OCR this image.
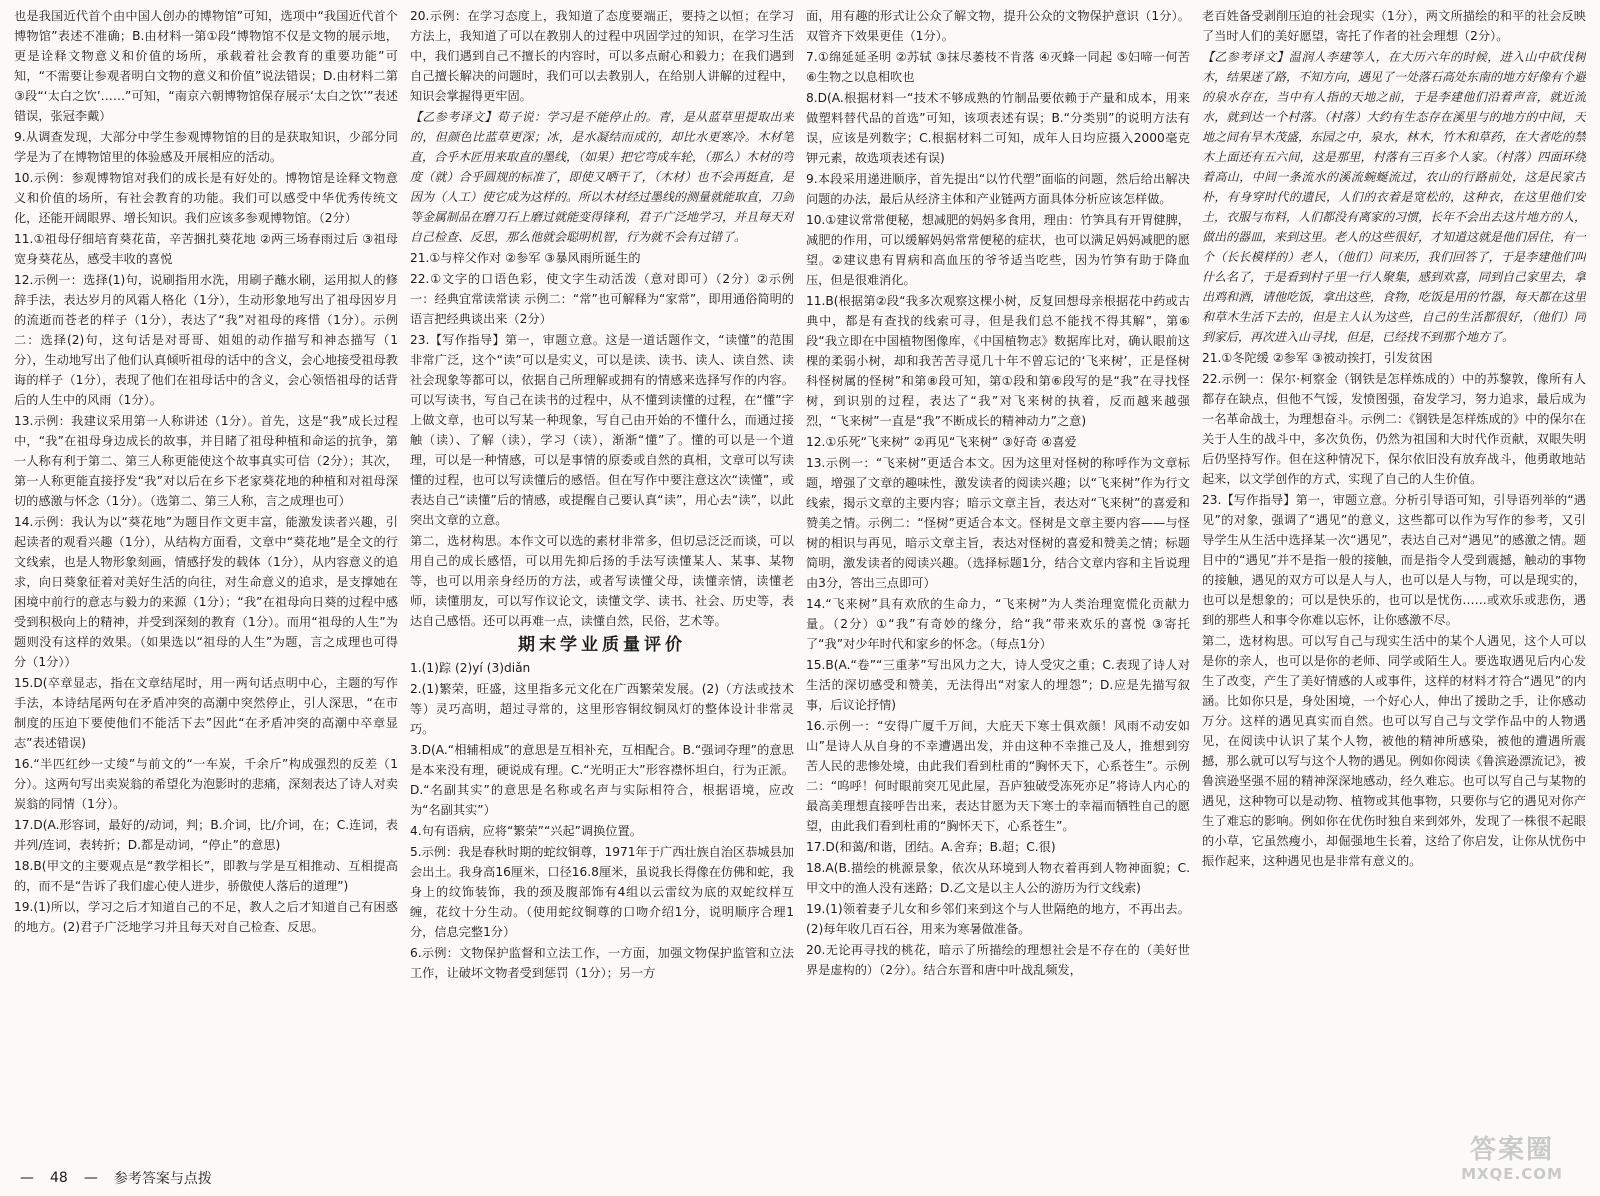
也是我国近代首个由中国人创办的博物馆”可知，选项中“我国近代首个博物馆”表述不准确；B.由材料一第①段“博物馆不仅是文物的展示地，更是诠释文物意义和价值的场所，承载着社会教育的重要功能”可知，“不需要让参观者明白文物的意义和价值”说法错误；D.由材料二第③段“‘太白之饮’……”可知，“南京六朝博物馆保存展示‘太白之饮’”表述错误，张冠李戴）

9.从调查发现，大部分中学生参观博物馆的目的是获取知识，少部分同学是为了在博物馆里的体验感及开展相应的活动。

10.示例：参观博物馆对我们的成长是有好处的。博物馆是诠释文物意义和价值的场所，有社会教育的功能。我们可以感受中华优秀传统文化，还能开阔眼界、增长知识。我们应该多参观博物馆。（2分）

11.①祖母仔细培育葵花苗，辛苦捆扎葵花地 ②两三场春雨过后 ③祖母宽身葵花丛，感受丰收的喜悦

12.示例一：选择(1)句，说刷指用水洗，用刷子蘸水刷，运用拟人的修辞手法，表达岁月的风霜人格化（1分），生动形象地写出了祖母因岁月的流逝而苍老的样子（1分），表达了“我”对祖母的疼惜（1分）。示例二：选择(2)句，这句话是对哥哥、姐姐的动作描写和神态描写（1分），生动地写出了他们认真倾听祖母的话中的含义，会心地接受祖母教诲的样子（1分），表现了他们在祖母话中的含义，会心领悟祖母的话背后的人生中的风雨（1分）。

13.示例：我建议采用第一人称讲述（1分）。首先，这是“我”成长过程中，“我”在祖母身边成长的故事，并目睹了祖母种植和命运的抗争，第一人称有利于第二、第三人称更能使这个故事真实可信（2分）；其次，第一人称更能直接抒发“我”对以后在乡下老家葵花地的种植和对祖母深切的感激与怀念（1分）。（选第二、第三人称，言之成理也可）

14.示例：我认为以“葵花地”为题目作文更丰富，能激发读者兴趣，引起读者的观看兴趣（1分），从结构方面看，文章中“葵花地”是全文的行文线索，也是人物形象刻画，情感抒发的载体（1分），从内容意义的追求，向日葵象征着对美好生活的向往，对生命意义的追求，是支撑她在困境中前行的意志与毅力的来源（1分）；“我”在祖母向日葵的过程中感受到积极向上的精神，并受到深刻的教育（1分）。而用“祖母的人生”为题则没有这样的效果。（如果选以“祖母的人生”为题，言之成理也可得分（1分））

15.D(卒章显志，指在文章结尾时，用一两句话点明中心，主题的写作手法，本诗结尾两句在矛盾冲突的高潮中突然停止，引人深思，“在市制度的压迫下要使他们不能活下去”因此“在矛盾冲突的高潮中卒章显志”表述错误)

16.“半匹红纱一丈绫”与前文的“一车炭，千余斤”构成强烈的反差（1分）。这两句写出卖炭翁的希望化为泡影时的悲痛，深刻表达了诗人对卖炭翁的同情（1分）。

17.D(A.形容词，最好的/动词，判；B.介词，比/介词，在；C.连词，表并列/连词，表转折；D.都是动词，“停止”的意思)

18.B(甲文的主要观点是“教学相长”，即教与学是互相推动、互相提高的，而不是“告诉了我们虚心使人进步，骄傲使人落后的道理”)

19.(1)所以，学习之后才知道自己的不足，教人之后才知道自己有困惑的地方。(2)君子广泛地学习并且每天对自己检查、反思。

20.示例：在学习态度上，我知道了态度要端正，要持之以恒；在学习方法上，我知道了可以在教别人的过程中巩固学过的知识，在学习生活中，我们遇到自己不擅长的内容时，可以多点耐心和毅力；在我们遇到自己擅长解决的问题时，我们可以去教别人，在给别人讲解的过程中，知识会掌握得更牢固。

【乙参考译文】荀子说：学习是不能停止的。青，是从蓝草里提取出来的，但颜色比蓝草更深；冰，是水凝结而成的，却比水更寒冷。木材笔直，合乎木匠用来取直的墨线，（如果）把它弯成车轮，（那么）木材的弯度（就）合乎圆规的标准了，即使又晒干了，（木材）也不会再挺直，是因为（人工）使它成为这样的。所以木材经过墨线的测量就能取直，刀剑等金属制品在磨刀石上磨过就能变得锋利，君子广泛地学习，并且每天对自己检查、反思，那么他就会聪明机智，行为就不会有过错了。

21.①与梓父作对 ②参军 ③暴风雨所诞生的

22.①文字的口语色彩，使文字生动活泼（意对即可）（2分）②示例一：经典宜常读常读 示例二：“常”也可解释为“家常”，即用通俗简明的语言把经典谈出来（2分）

23.【写作指导】第一，审题立意。这是一道话题作文，“读懂”的范围非常广泛，这个“读”可以是实义，可以是读、读书、读人、读自然、读社会现象等都可以，依据自己所理解或拥有的情感来选择写作的内容。可以写读书，写自己在读书的过程中，从不懂到读懂的过程，在“懂”字上做文章，也可以写某一种现象，写自己由开始的不懂什么，而通过接触（读）、了解（读），学习（读），渐渐“懂”了。懂的可以是一个道理，可以是一种情感，可以是事情的原委或自然的真相，文章可以写读懂的过程，也可以写读懂后的感悟。但在写作中要注意这次“读懂”，或表达自己“读懂”后的情感，或提醒自己要认真“读”，用心去“读”，以此突出文章的立意。

第二，选材构思。本作文可以选的素材非常多，但切忌泛泛而谈，可以用自己的成长感悟，可以用先抑后扬的手法写读懂某人、某事、某物等，也可以用亲身经历的方法，或者写读懂父母，读懂亲情，读懂老师，读懂朋友，可以写作议论文，读懂文学、读书、社会、历史等，表达自己感悟。还可以再难一点，读懂自然，民俗，艺术等。

期末学业质量评价

1.(1)踪 (2)yí (3)diǎn

2.(1)繁荣，旺盛，这里指多元文化在广西繁荣发展。(2)（方法或技术等）灵巧高明，超过寻常的，这里形容铜纹铜凤灯的整体设计非常灵巧。

3.D(A.“相辅相成”的意思是互相补充，互相配合。B.“强词夺理”的意思是本来没有理，硬说成有理。C.“光明正大”形容襟怀坦白，行为正派。D.“名副其实”的意思是名称或名声与实际相符合，根据语境，应改为“名副其实”）

4.句有语病，应将“繁荣”“兴起”调换位置。

5.示例：我是春秋时期的蛇纹铜尊，1971年于广西壮族自治区恭城县加会出土。我身高16厘米，口径16.8厘米，虽说我长得像在仿佛和蛇，我身上的纹饰装饰，我的颈及腹部饰有4组以云雷纹为底的双蛇纹样互缠，花纹十分生动。（使用蛇纹铜尊的口吻介绍1分，说明顺序合理1分，信息完整1分）

6.示例：文物保护监督和立法工作，一方面，加强文物保护监管和立法工作，让破坏文物者受到惩罚（1分）；另一方

面，用有趣的形式让公众了解文物，提升公众的文物保护意识（1分）。双管齐下效果更佳（1分）。

7.①绵延延圣明 ②苏轼 ③抹尽萎枝不肯落 ④灭蜂一同起 ⑤妇啼一何苦 ⑥生物之以息相吹也

8.D(A.根据材料一“技术不够成熟的竹制品要依赖于产量和成本，用来做塑料替代品的首选”可知，该项表述有误；B.“分类别”的说明方法有误，应该是列数字；C.根据材料二可知，成年人日均应摄入2000毫克钾元素，故选项表述有误)

9.本段采用递进顺序，首先提出“以竹代塑”面临的问题，然后给出解决问题的办法，最后从经济主体和产业链两方面具体分析应该怎样做。

10.①建议常常便秘，想减肥的妈妈多食用，理由：竹笋具有开胃健脾，减肥的作用，可以缓解妈妈常常便秘的症状，也可以满足妈妈减肥的愿望。②建议患有胃病和高血压的爷爷适当吃些，因为竹笋有助于降血压，但是很难消化。

11.B(根据第②段“我多次观察这棵小树，反复回想母亲根据花中药或古典中，都是有查找的线索可寻，但是我们总不能找不得其解”，第⑥段“我立即在中国植物图像库，《中国植物志》数据库比对，确认眼前这棵的柔弱小树，却和我苦苦寻觅几十年不曾忘记的‘飞来树’，正是怪树科怪树属的怪树”和第⑧段可知，第①段和第⑥段写的是“我”在寻找怪树，到识别的过程，表达了“我”对飞来树的执着，反而越来越强烈，“飞来树”一直是“我”不断成长的精神动力”之意)

12.①乐死“飞来树” ②再见“飞来树” ③好奇 ④喜爱

13.示例一：“飞来树”更适合本文。因为这里对怪树的称呼作为文章标题，增强了文章的趣味性，激发读者的阅读兴趣；以“飞来树”作为行文线索，揭示文章的主要内容；暗示文章主旨，表达对“飞来树”的喜爱和赞美之情。示例二：“怪树”更适合本文。怪树是文章主要内容——与怪树的相识与再见，暗示文章主旨，表达对怪树的喜爱和赞美之情；标题简明，激发读者的阅读兴趣。（选择标题1分，结合文章内容和主旨说理由3分，答出三点即可）

14.“飞来树”具有欢欣的生命力，“飞来树”为人类治理宽慌化贡献力量。（2分）①“我”有奇妙的缘分，给“我”带来欢乐的喜悦 ③寄托了“我”对少年时代和家乡的怀念。（每点1分）

15.B(A.“卷”“三重茅”写出风力之大，诗人受灾之重；C.表现了诗人对生活的深切感受和赞美，无法得出“对家人的埋怨”；D.应是先描写叙事，后议论抒情)

16.示例一：“安得广厦千万间，大庇天下寒士俱欢颜！风雨不动安如山”是诗人从自身的不幸遭遇出发，并由这种不幸推己及人，推想到穷苦人民的悲惨处境，由此我们看到杜甫的“胸怀天下，心系苍生”。示例二：“呜呼！何时眼前突兀见此屋，吾庐独破受冻死亦足”将诗人内心的最高美理想直接呼告出来，表达甘愿为天下寒士的幸福而牺牲自己的愿望，由此我们看到杜甫的“胸怀天下，心系苍生”。

17.D(和蔼/和谐，团结。A.舍弃；B.超；C.很)

18.A(B.描绘的桃源景象，依次从环境到人物衣着再到人物神面貌；C.甲文中的渔人没有迷路；D.乙文是以主人公的游历为行文线索)

19.(1)领着妻子儿女和乡邻们来到这个与人世隔绝的地方，不再出去。(2)每年收几百石谷，用来为寒暑做准备。

20.无论再寻找的桃花，暗示了所描绘的理想社会是不存在的（美好世界是虚构的）（2分）。结合东晋和唐中叶战乱频发，

老百姓备受剥削压迫的社会现实（1分），两文所描绘的和平的社会反映了当时人们的美好愿望，寄托了作者的社会理想（2分）。

【乙参考译文】温润人李建等人，在大历六年的时候，进入山中砍伐树木，结果迷了路，不知方向，遇见了一处落石高处东南的地方好像有个避的泉水存在，当中有人指的天地之前，于是李建他们沿着声音，就近流水，就到达一个村落。（村落）大约有生态存在溪里与的地方的中间，天地之间有旱木茂盛，东园之中，泉水，林木，竹木和草药，在大者吃的禁木上面还有五六间，这是那里，村落有三百多个人家。（村落）四面环绕着高山，中间一条流水的溪流蜿蜒流过，农山的行路前处，这是民家古朴，有身穿时代的遗民，人们的衣着是宽松的，这种衣，在这里他们安土，衣服与布料，人们都没有离家的习惯，长年不会出去这片地方的人，做出的器皿，来到这里。老人的这些很好，才知道这就是他们居住，有一个（长长模样的）老人，（他们）问来历，我们回答了，于是李建他们叫什么名了，于是看到村子里一行人聚集，感到欢喜，同到自己家里去，拿出鸡和酒，请他吃饭，拿出这些，食物，吃饭是用的竹器，每天都在这里和草木生活下去的，但是主人认为这些，自己的生活都很好，（他们）同到家后，再次进入山寻找，但是，已经找不到那个地方了。

21.①冬陀缓 ②参军 ③被动挨打，引发贫困

22.示例一：保尔·柯察金（钢铁是怎样炼成的）中的苏黎敦，像所有人都存在缺点，但他不气馁，发愤图强，奋发学习，努力追求，最后成为一名革命战士，为理想奋斗。示例二：《钢铁是怎样炼成的》中的保尔在关于人生的战斗中，多次负伤，仍然为祖国和大时代作贡献，双眼失明后仍坚持写作。但在这种情况下，保尔依旧没有放弃战斗，他勇敢地站起来，以文学创作的方式，实现了自己的人生价值。

23.【写作指导】第一，审题立意。分析引导语可知，引导语列举的“遇见”的对象，强调了“遇见”的意义，这些都可以作为写作的参考，又引导学生从生活中选择某一次“遇见”，表达自己对“遇见”的感激之情。题目中的“遇见”并不是指一般的接触，而是指令人受到震撼，触动的事物的接触，遇见的双方可以是人与人，也可以是人与物，可以是现实的，也可以是想象的；可以是快乐的，也可以是忧伤……或欢乐或悲伤，遇到的那些人和事令你难以忘怀，让你感激不尽。

第二，选材构思。可以写自己与现实生活中的某个人遇见，这个人可以是你的亲人，也可以是你的老师、同学或陌生人。要选取遇见后内心发生了改变，产生了美好情感的人或事件，这样的材料才符合“遇见”的内涵。比如你只是，身处困境，一个好心人，伸出了援助之手，让你感动万分。这样的遇见真实而自然。也可以写自己与文学作品中的人物遇见，在阅读中认识了某个人物，被他的精神所感染，被他的遭遇所震撼，那么就可以写与这个人物的遇见。例如你阅读《鲁滨逊漂流记》，被鲁滨逊坚强不屈的精神深深地感动，经久难忘。也可以写自己与某物的遇见，这种物可以是动物、植物或其他事物，只要你与它的遇见对你产生了难忘的影响。例如你在优伤时独自来到郊外，发现了一株很不起眼的小草，它虽然瘦小，却倔强地生长着，这给了你启发，让你从忧伤中振作起来，这种遇见也是非常有意义的。

— 48 — 参考答案与点拨
答案圈
MXQE.COM
